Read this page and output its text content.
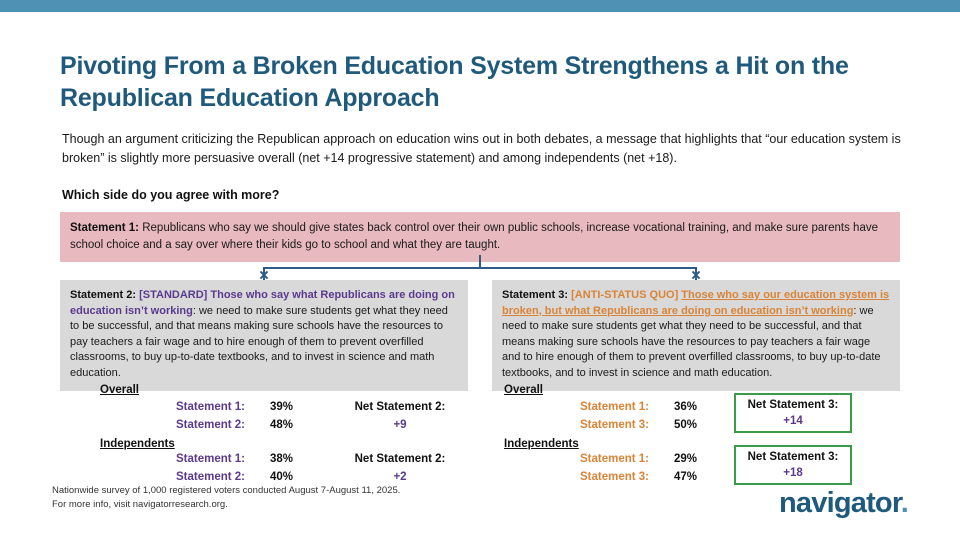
Pivoting From a Broken Education System Strengthens a Hit on the Republican Education Approach
Though an argument criticizing the Republican approach on education wins out in both debates, a message that highlights that “our education system is broken” is slightly more persuasive overall (net +14 progressive statement) and among independents (net +18).
Which side do you agree with more?
Statement 1: Republicans who say we should give states back control over their own public schools, increase vocational training, and make sure parents have school choice and a say over where their kids go to school and what they are taught.
Statement 2: [STANDARD] Those who say what Republicans are doing on education isn’t working: we need to make sure students get what they need to be successful, and that means making sure schools have the resources to pay teachers a fair wage and to hire enough of them to prevent overfilled classrooms, to buy up-to-date textbooks, and to invest in science and math education.
Statement 3: [ANTI-STATUS QUO] Those who say our education system is broken, but what Republicans are doing on education isn’t working: we need to make sure students get what they need to be successful, and that means making sure schools have the resources to pay teachers a fair wage and to hire enough of them to prevent overfilled classrooms, to buy up-to-date textbooks, and to invest in science and math education.
Overall
Statement 1: 39%
Statement 2: 48%
Net Statement 2:
+9
Independents
Statement 1: 38%
Statement 2: 40%
Net Statement 2:
+2
Overall
Statement 1: 36%
Statement 3: 50%
Net Statement 3:
+14
Independents
Statement 1: 29%
Statement 3: 47%
Net Statement 3:
+18
Nationwide survey of 1,000 registered voters conducted August 7-August 11, 2025.
For more info, visit navigatorresearch.org.	navigator.
